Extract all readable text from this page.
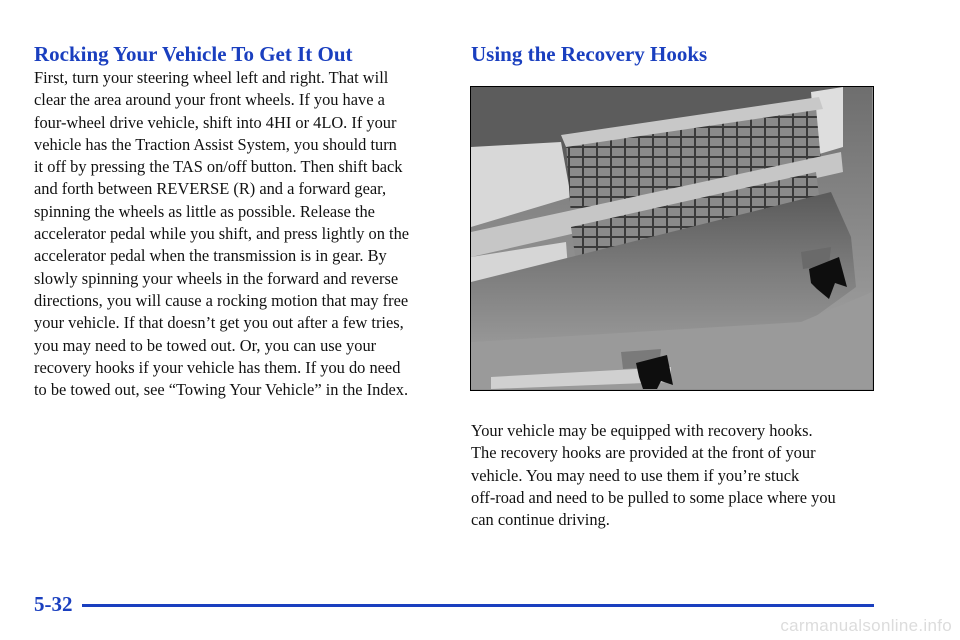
Rocking Your Vehicle To Get It Out

First, turn your steering wheel left and right. That will
clear the area around your front wheels. If you have a
four-wheel drive vehicle, shift into 4HI or 4LO. If your
vehicle has the Traction Assist System, you should turn
it off by pressing the TAS on/off button. Then shift back
and forth between REVERSE (R) and a forward gear,
spinning the wheels as little as possible. Release the
accelerator pedal while you shift, and press lightly on the
accelerator pedal when the transmission is in gear. By
slowly spinning your wheels in the forward and reverse
directions, you will cause a rocking motion that may free
your vehicle. If that doesn’t get you out after a few tries,
you may need to be towed out. Or, you can use your
recovery hooks if your vehicle has them. If you do need
to be towed out, see “Towing Your Vehicle” in the Index.

Using the Recovery Hooks

Your vehicle may be equipped with recovery hooks.
The recovery hooks are provided at the front of your
vehicle. You may need to use them if you’re stuck
off-road and need to be pulled to some place where you
can continue driving.

5-32
carmanualsonline.info
